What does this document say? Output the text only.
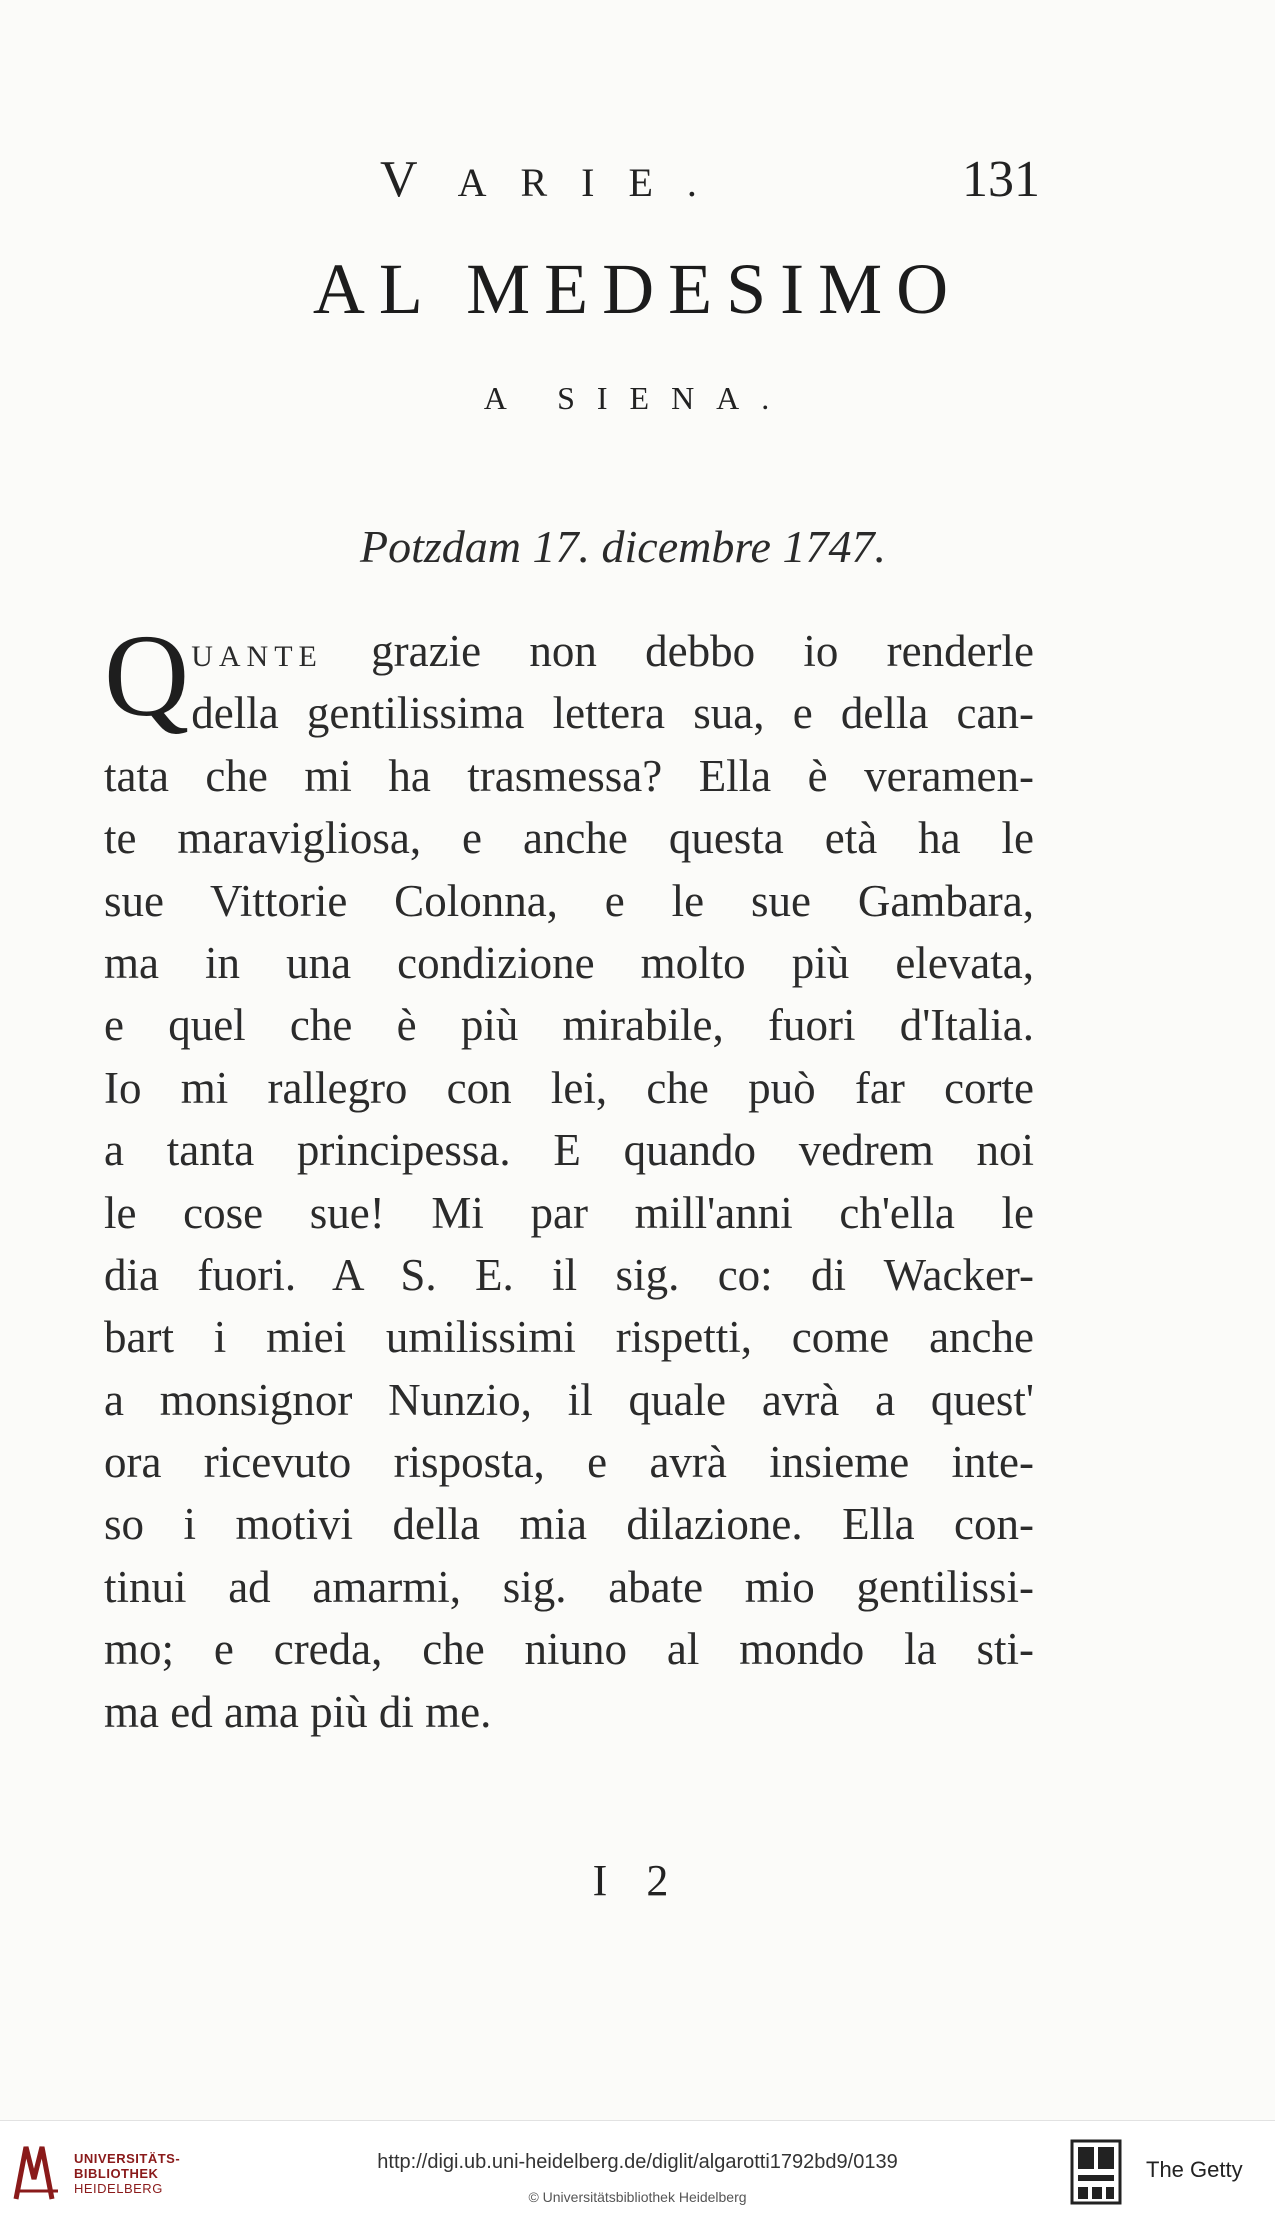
VARIE.	131
AL MEDESIMO
A SIENA.
Potzdam 17. dicembre 1747.
Q UANTE grazie non debbo io renderle
della gentilissima lettera sua, e della can-
tata che mi ha trasmessa? Ella è veramen-
te maravigliosa, e anche questa età ha le
sue Vittorie Colonna, e le sue Gambara,
ma in una condizione molto più elevata,
e quel che è più mirabile, fuori d'Italia.
Io mi rallegro con lei, che può far corte
a tanta principessa. E quando vedrem noi
le cose sue! Mi par mill'anni ch'ella le
dia fuori. A S. E. il sig. co: di Wacker-
bart i miei umilissimi rispetti, come anche
a monsignor Nunzio, il quale avrà a quest'
ora ricevuto risposta, e avrà insieme inte-
so i motivi della mia dilazione. Ella con-
tinui ad amarmi, sig. abate mio gentilissi-
mo; e creda, che niuno al mondo la sti-
ma ed ama più di me.
I 2
UNIVERSITÄTS-
BIBLIOTHEK
HEIDELBERG
http://digi.ub.uni-heidelberg.de/diglit/algarotti1792bd9/0139
© Universitätsbibliothek Heidelberg
The Getty
